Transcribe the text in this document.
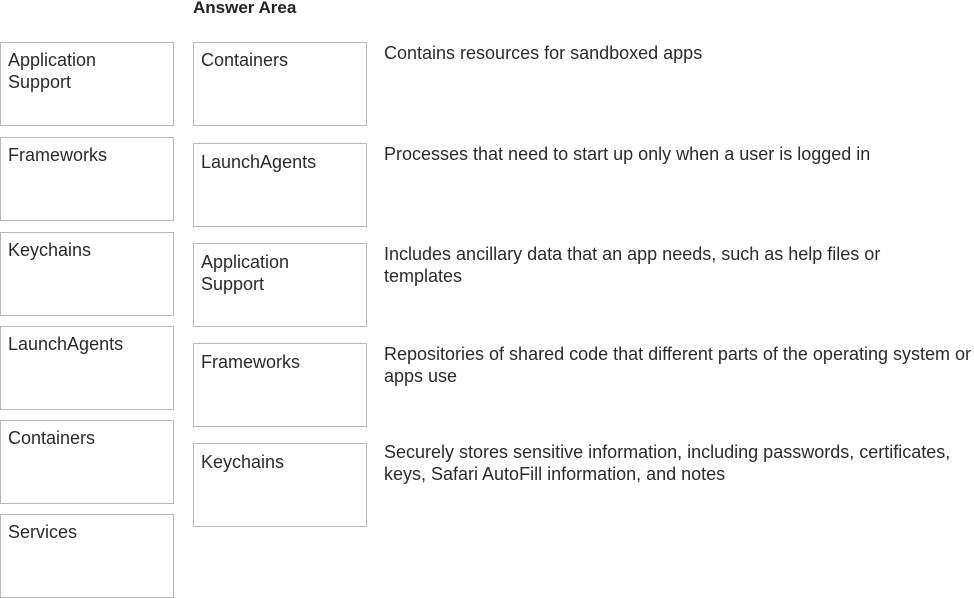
Answer Area
Application Support
Frameworks
Keychains
LaunchAgents
Containers
Services
Containers
LaunchAgents
Application Support
Frameworks
Keychains
Contains resources for sandboxed apps
Processes that need to start up only when a user is logged in
Includes ancillary data that an app needs, such as help files or templates
Repositories of shared code that different parts of the operating system or apps use
Securely stores sensitive information, including passwords, certificates, keys, Safari AutoFill information, and notes
